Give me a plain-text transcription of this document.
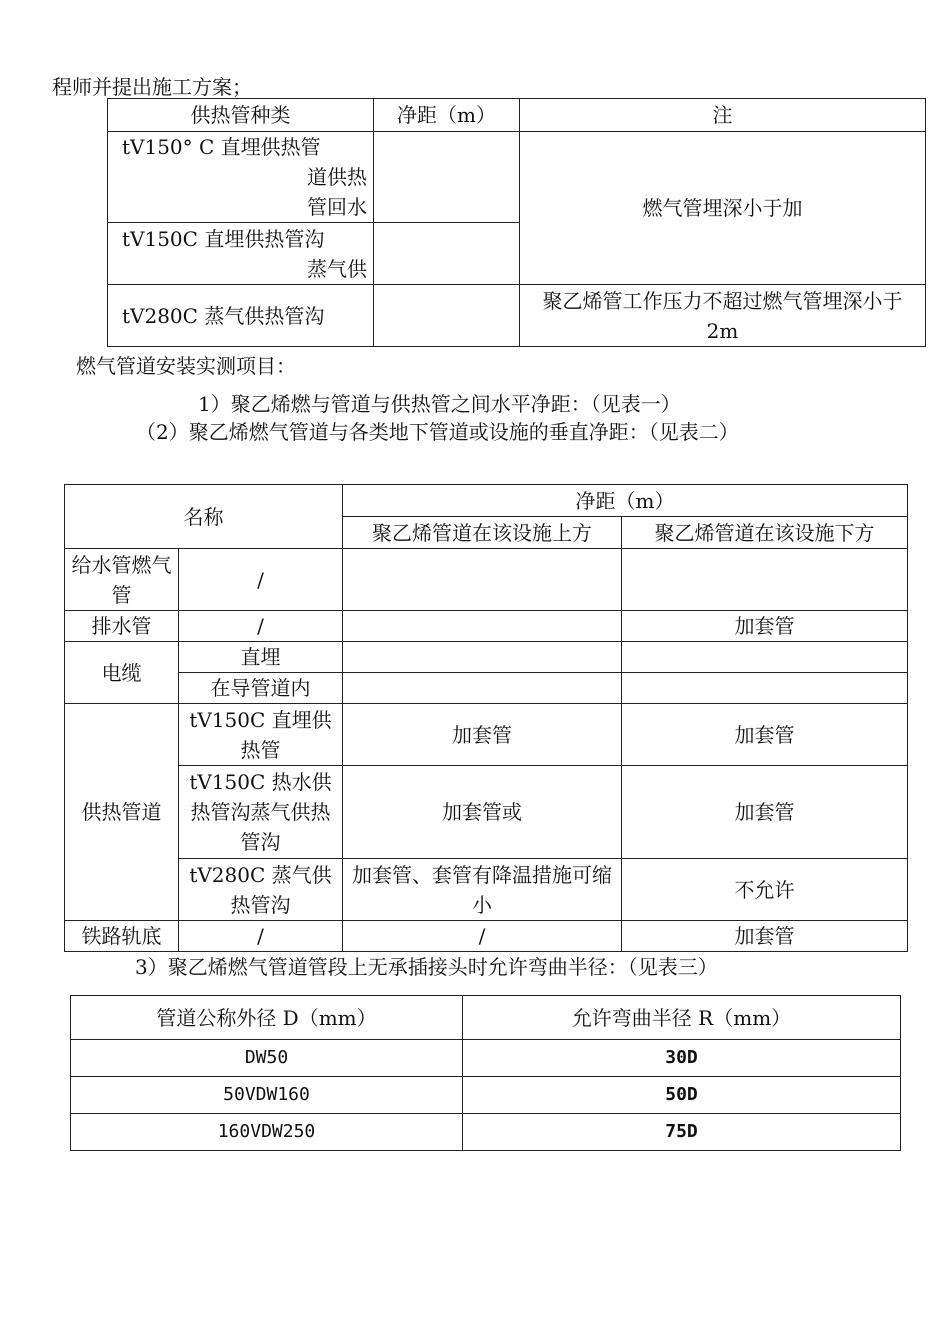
程师并提出施工方案；
供热管种类	净距（m）	注

tV150° C 直埋供热管
道供热
管回水		燃气管埋深小于加

tV150C 直埋供热管沟
蒸气供		

tV280C 蒸气供热管沟		聚乙烯管工作压力不超过燃气管埋深小于 2m
燃气管道安装实测项目：
1）聚乙烯燃与管道与供热管之间水平净距：（见表一）
（2）聚乙烯燃气管道与各类地下管道或设施的垂直净距：（见表二）
名称		净距（m）	
		聚乙烯管道在该设施上方	聚乙烯管道在该设施下方
给水管燃气管	/		
排水管	/		加套管
电缆	直埋		
	在导管道内		
供热管道	tV150C 直埋供热管	加套管	加套管
	tV150C 热水供热管沟蒸气供热管沟	加套管或	加套管
	tV280C 蒸气供热管沟	加套管、套管有降温措施可缩小	不允许
铁路轨底	/	/	加套管
3）聚乙烯燃气管道管段上无承插接头时允许弯曲半径：（见表三）
管道公称外径 D（mm）	允许弯曲半径 R（mm）
DW50	30D
50VDW160	50D
160VDW250	75D
